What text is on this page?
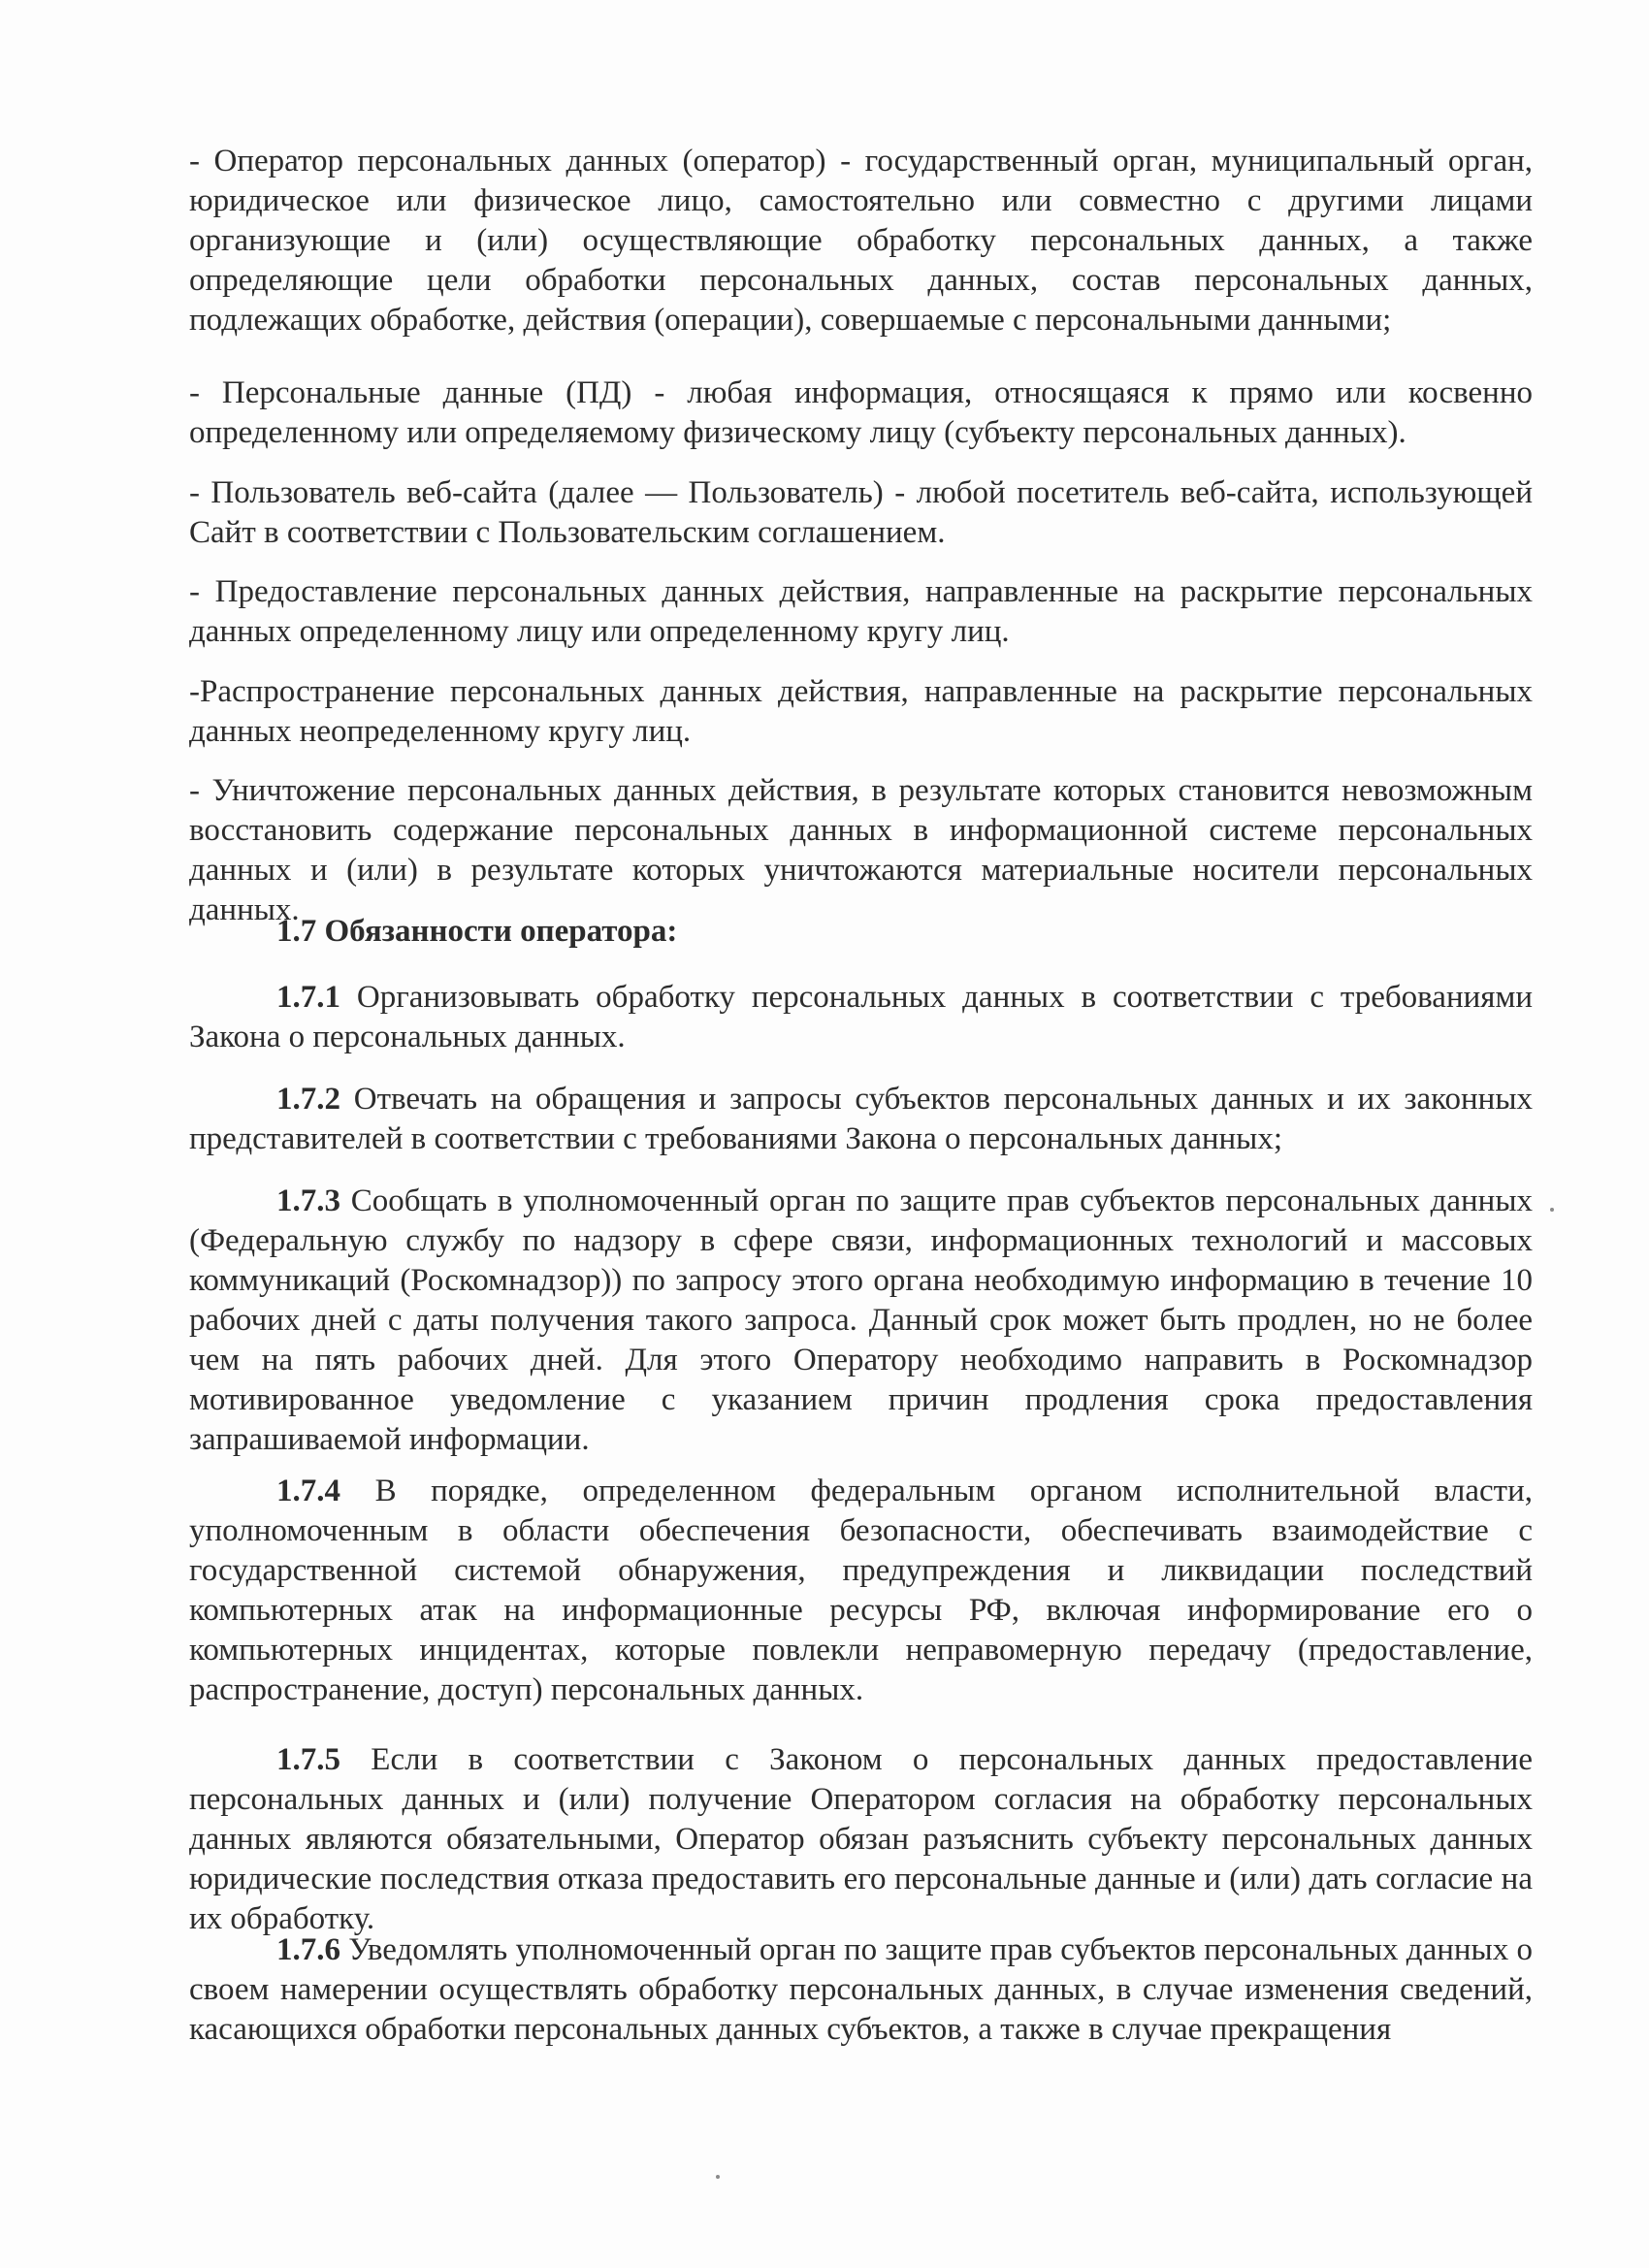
- Оператор персональных данных (оператор) - государственный орган, муниципальный орган, юридическое или физическое лицо, самостоятельно или совместно с другими лицами организующие и (или) осуществляющие обработку персональных данных, а также определяющие цели обработки персональных данных, состав персональных данных, подлежащих обработке, действия (операции), совершаемые с персональными данными;

- Персональные данные (ПД) - любая информация, относящаяся к прямо или косвенно определенному или определяемому физическому лицу (субъекту персональных данных).

- Пользователь веб-сайта (далее — Пользователь) - любой посетитель веб-сайта, использующей Сайт в соответствии с Пользовательским соглашением.

- Предоставление персональных данных действия, направленные на раскрытие персональных данных определенному лицу или определенному кругу лиц.

-Распространение персональных данных действия, направленные на раскрытие персональных данных неопределенному кругу лиц.

- Уничтожение персональных данных действия, в результате которых становится невозможным восстановить содержание персональных данных в информационной системе персональных данных и (или) в результате которых уничтожаются материальные носители персональных данных.

1.7 Обязанности оператора:

1.7.1 Организовывать обработку персональных данных в соответствии с требованиями Закона о персональных данных.

1.7.2 Отвечать на обращения и запросы субъектов персональных данных и их законных представителей в соответствии с требованиями Закона о персональных данных;

1.7.3 Сообщать в уполномоченный орган по защите прав субъектов персональных данных (Федеральную службу по надзору в сфере связи, информационных технологий и массовых коммуникаций (Роскомнадзор)) по запросу этого органа необходимую информацию в течение 10 рабочих дней с даты получения такого запроса. Данный срок может быть продлен, но не более чем на пять рабочих дней. Для этого Оператору необходимо направить в Роскомнадзор мотивированное уведомление с указанием причин продления срока предоставления запрашиваемой информации.

1.7.4 В порядке, определенном федеральным органом исполнительной власти, уполномоченным в области обеспечения безопасности, обеспечивать взаимодействие с государственной системой обнаружения, предупреждения и ликвидации последствий компьютерных атак на информационные ресурсы РФ, включая информирование его о компьютерных инцидентах, которые повлекли неправомерную передачу (предоставление, распространение, доступ) персональных данных.

1.7.5 Если в соответствии с Законом о персональных данных предоставление персональных данных и (или) получение Оператором согласия на обработку персональных данных являются обязательными, Оператор обязан разъяснить субъекту персональных данных юридические последствия отказа предоставить его персональные данные и (или) дать согласие на их обработку.

1.7.6 Уведомлять уполномоченный орган по защите прав субъектов персональных данных о своем намерении осуществлять обработку персональных данных, в случае изменения сведений, касающихся обработки персональных данных субъектов, а также в случае прекращения
